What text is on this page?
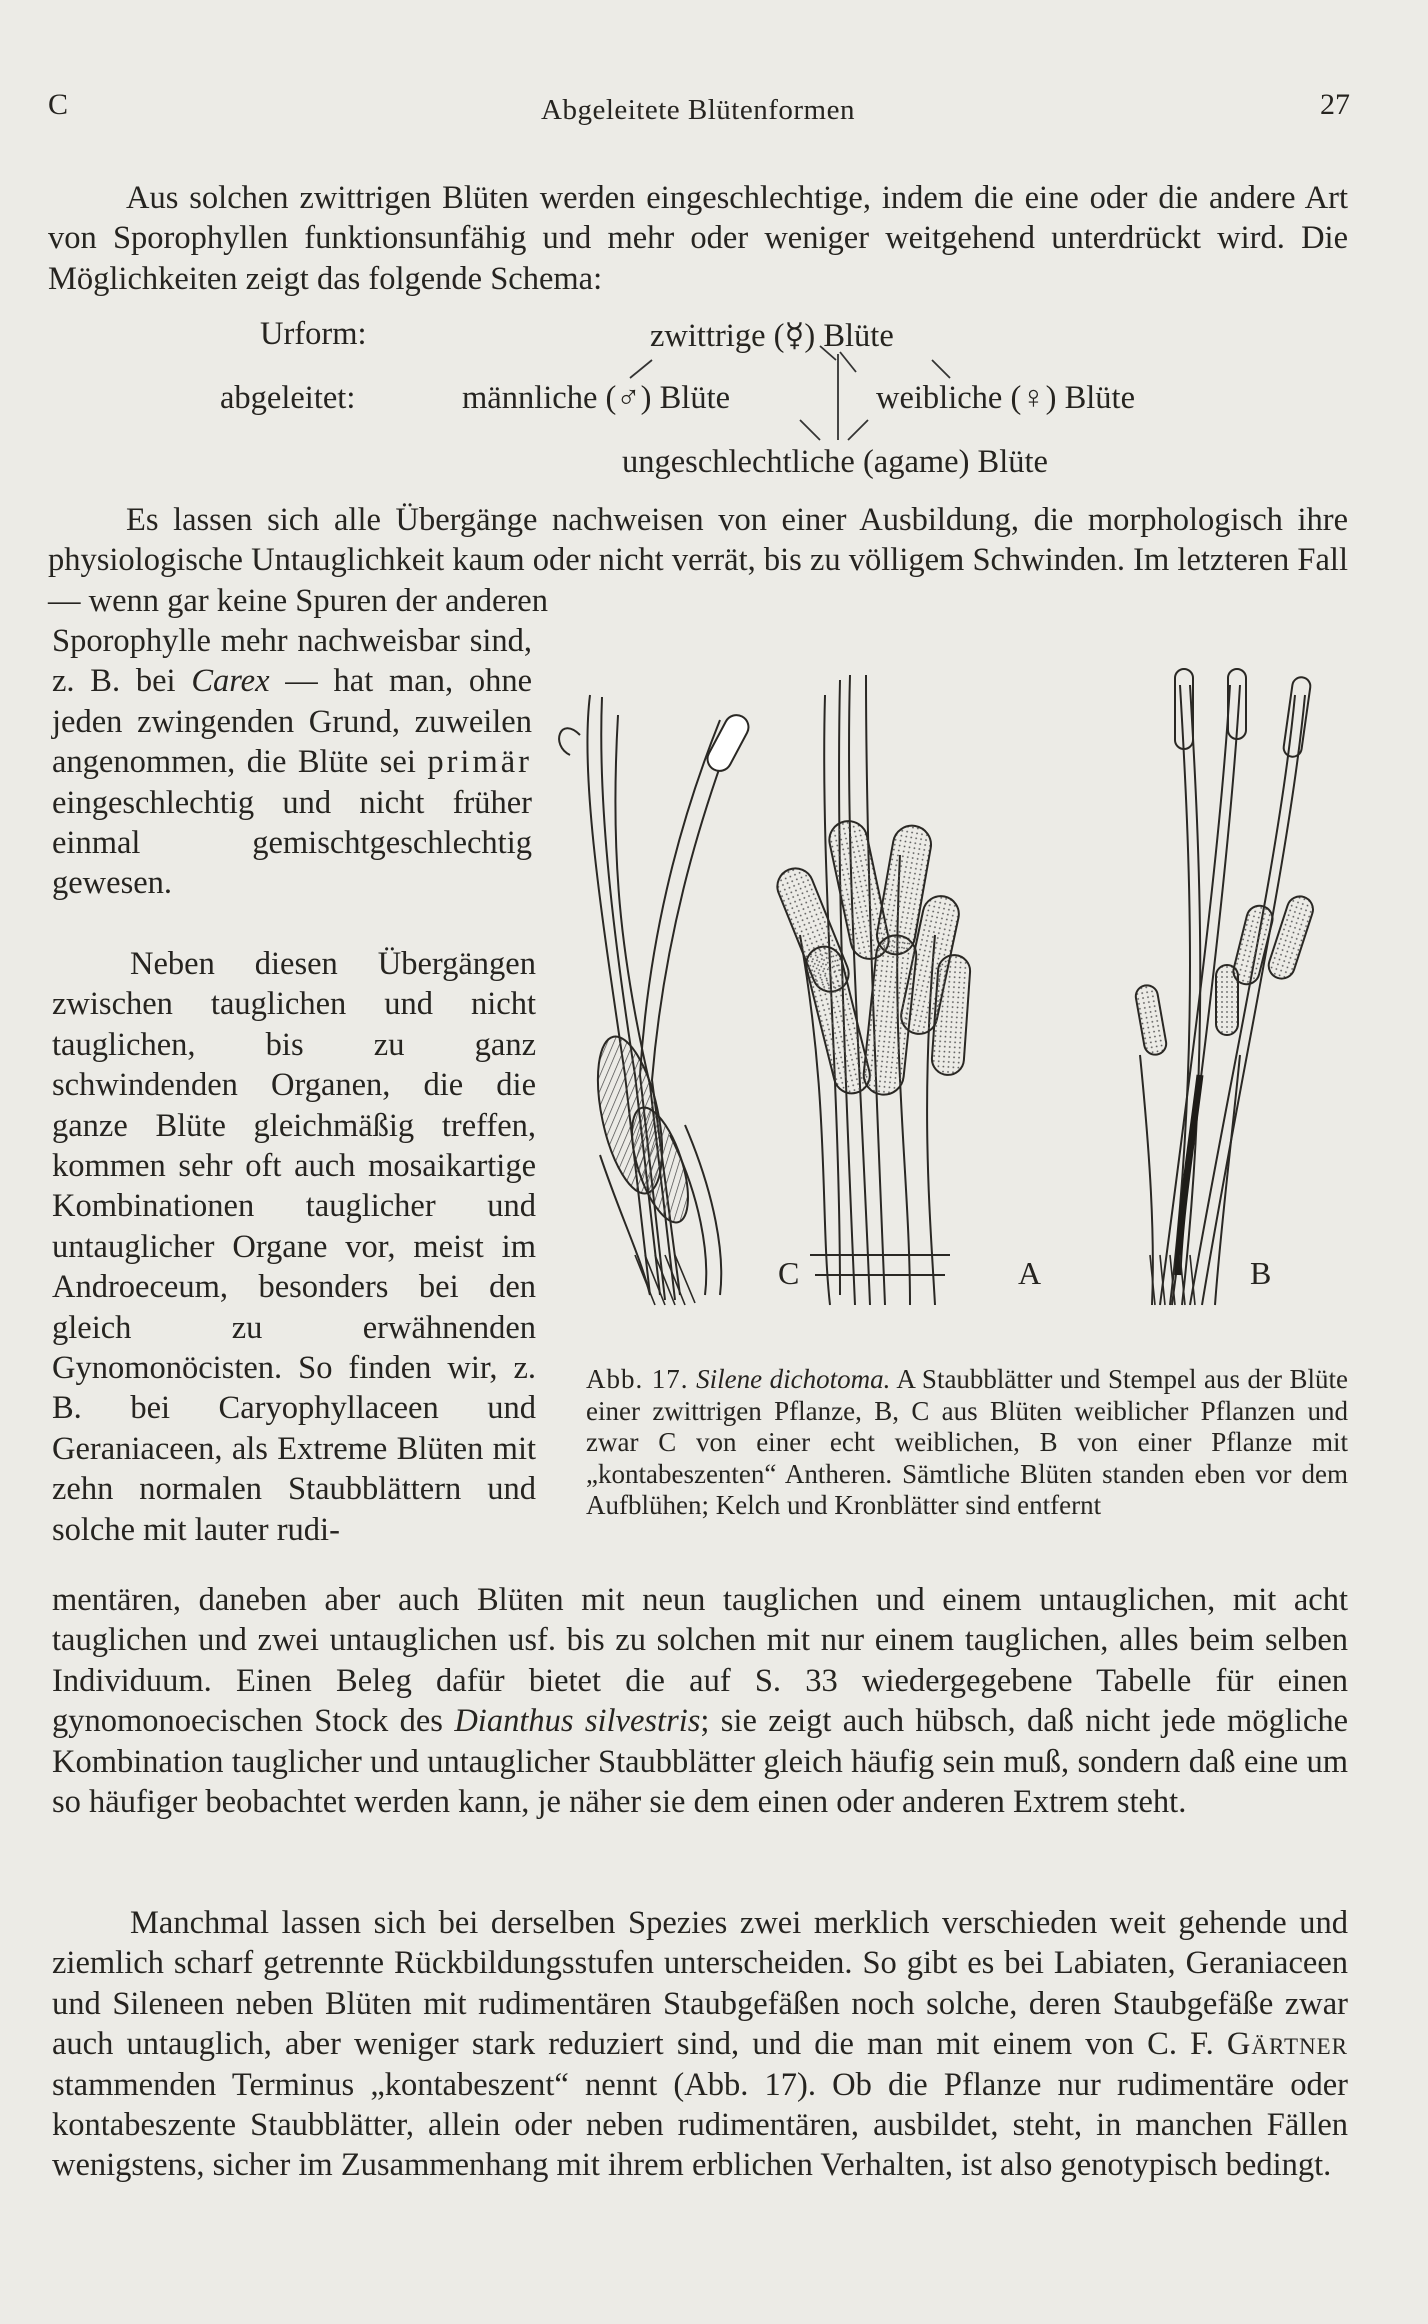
C	Abgeleitete Blütenformen	27

Aus solchen zwittrigen Blüten werden eingeschlechtige, indem die eine oder die andere Art von Sporophyllen funktionsunfähig und mehr oder weniger weitgehend unterdrückt wird. Die Möglichkeiten zeigt das folgende Schema:

Urform:	zwittrige (☿) Blüte
abgeleitet:	männliche (♂) Blüte	weibliche (♀) Blüte
ungeschlechtliche (agame) Blüte

Es lassen sich alle Übergänge nachweisen von einer Ausbildung, die morphologisch ihre physiologische Untauglichkeit kaum oder nicht verrät, bis zu völligem Schwinden. Im letzteren Fall — wenn gar keine Spuren der anderen

Sporophylle mehr nachweisbar sind, z. B. bei Carex — hat man, ohne jeden zwingenden Grund, zuweilen angenommen, die Blüte sei primär eingeschlechtig und nicht früher einmal gemischtgeschlechtig gewesen.

Neben diesen Übergängen zwischen tauglichen und nicht tauglichen, bis zu ganz schwindenden Organen, die die ganze Blüte gleichmäßig treffen, kommen sehr oft auch mosaikartige Kombinationen tauglicher und untauglicher Organe vor, meist im Androeceum, besonders bei den gleich zu erwähnenden Gynomonöcisten. So finden wir, z. B. bei Caryophyllaceen und Geraniaceen, als Extreme Blüten mit zehn normalen Staubblättern und solche mit lauter rudi-

mentären, daneben aber auch Blüten mit neun tauglichen und einem untauglichen, mit acht tauglichen und zwei untauglichen usf. bis zu solchen mit nur einem tauglichen, alles beim selben Individuum. Einen Beleg dafür bietet die auf S. 33 wiedergegebene Tabelle für einen gynomonoecischen Stock des Dianthus silvestris; sie zeigt auch hübsch, daß nicht jede mögliche Kombination tauglicher und untauglicher Staubblätter gleich häufig sein muß, sondern daß eine um so häufiger beobachtet werden kann, je näher sie dem einen oder anderen Extrem steht.

Manchmal lassen sich bei derselben Spezies zwei merklich verschieden weit gehende und ziemlich scharf getrennte Rückbildungsstufen unterscheiden. So gibt es bei Labiaten, Geraniaceen und Sileneen neben Blüten mit rudimentären Staubgefäßen noch solche, deren Staubgefäße zwar auch untauglich, aber weniger stark reduziert sind, und die man mit einem von C. F. Gärtner stammenden Terminus „kontabeszent“ nennt (Abb. 17). Ob die Pflanze nur rudimentäre oder kontabeszente Staubblätter, allein oder neben rudimentären, ausbildet, steht, in manchen Fällen wenigstens, sicher im Zusammenhang mit ihrem erblichen Verhalten, ist also genotypisch bedingt.

C	A	B

Abb. 17. Silene dichotoma. A Staubblätter und Stempel aus der Blüte einer zwittrigen Pflanze, B, C aus Blüten weiblicher Pflanzen und zwar C von einer echt weiblichen, B von einer Pflanze mit „kontabeszenten“ Antheren. Sämtliche Blüten standen eben vor dem Aufblühen; Kelch und Kronblätter sind entfernt
